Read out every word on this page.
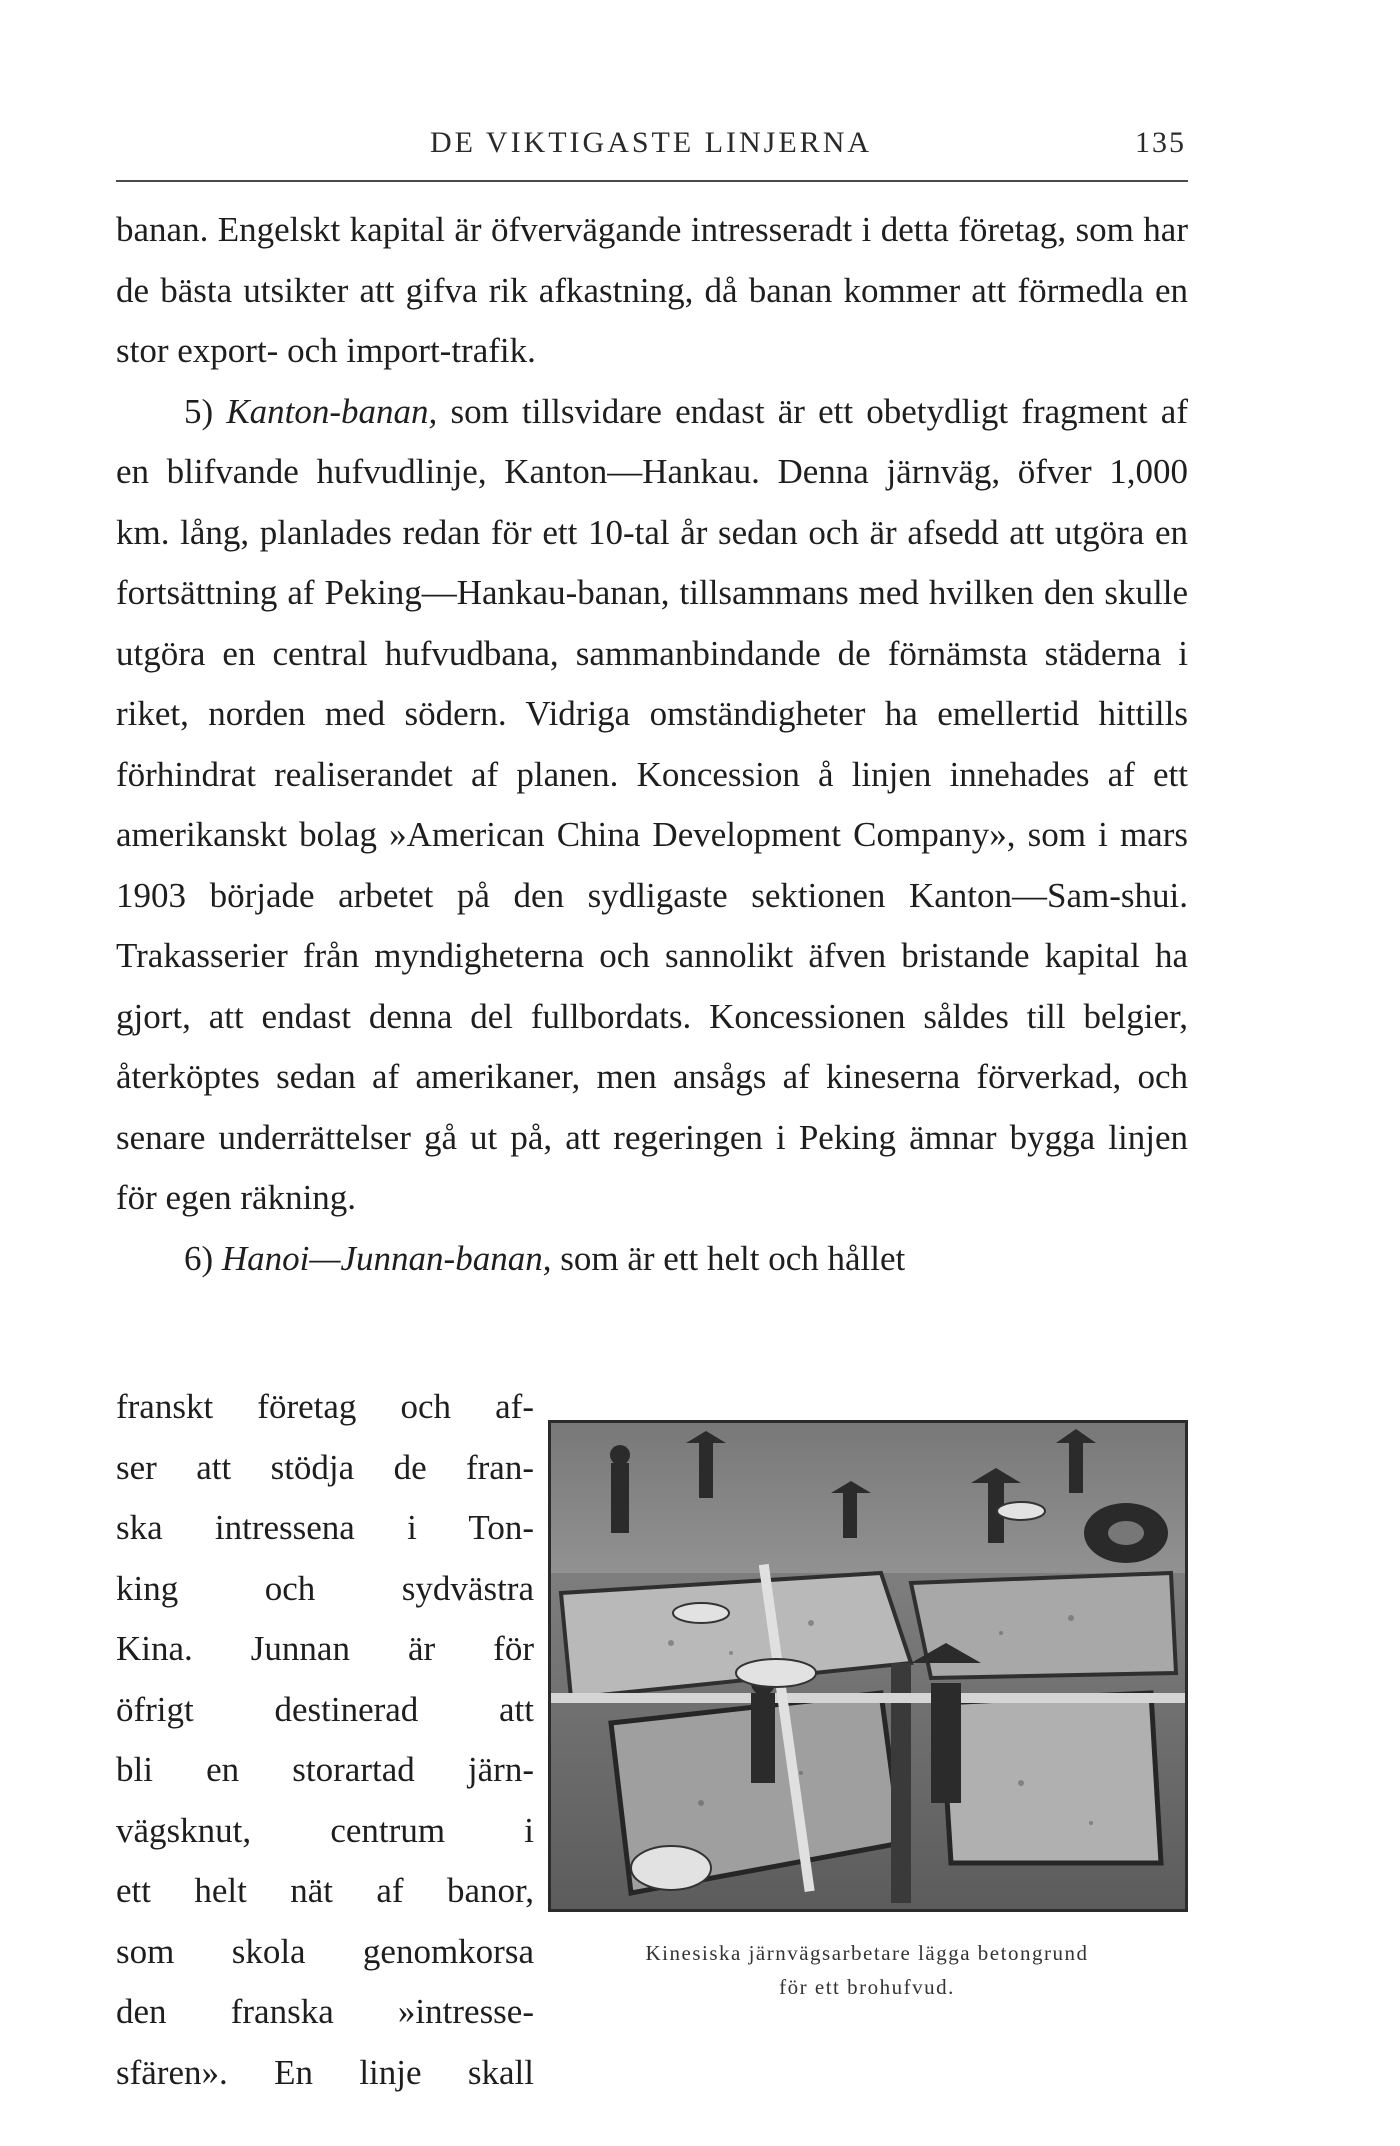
DE VIKTIGASTE LINJERNA	135

banan. Engelskt kapital är öfvervägande intresseradt i detta företag, som har de bästa utsikter att gifva rik afkastning, då banan kommer att förmedla en stor export- och import-trafik.

5) Kanton-banan, som tillsvidare endast är ett obetydligt fragment af en blifvande hufvudlinje, Kanton—Hankau. Denna järnväg, öfver 1,000 km. lång, planlades redan för ett 10-tal år sedan och är afsedd att utgöra en fortsättning af Peking—Hankau-banan, tillsammans med hvilken den skulle utgöra en central hufvudbana, sammanbindande de förnämsta städerna i riket, norden med södern. Vidriga omständigheter ha emellertid hittills förhindrat realiserandet af planen. Koncession å linjen innehades af ett amerikanskt bolag »American China Development Company», som i mars 1903 började arbetet på den sydligaste sektionen Kanton—Sam-shui. Trakasserier från myndigheterna och sannolikt äfven bristande kapital ha gjort, att endast denna del fullbordats. Koncessionen såldes till belgier, återköptes sedan af amerikaner, men ansågs af kineserna förverkad, och senare underrättelser gå ut på, att regeringen i Peking ämnar bygga linjen för egen räkning.

6) Hanoi—Junnan-banan, som är ett helt och hållet

franskt företag och af-

ser att stödja de fran-

ska intressena i Ton-

king och sydvästra

Kina. Junnan är för

öfrigt destinerad att

bli en storartad järn-

vägsknut, centrum i

ett helt nät af banor,

som skola genomkorsa

den franska »intresse-

sfären». En linje skall

Kinesiska järnvägsarbetare lägga betongrund
för ett brohufvud.
